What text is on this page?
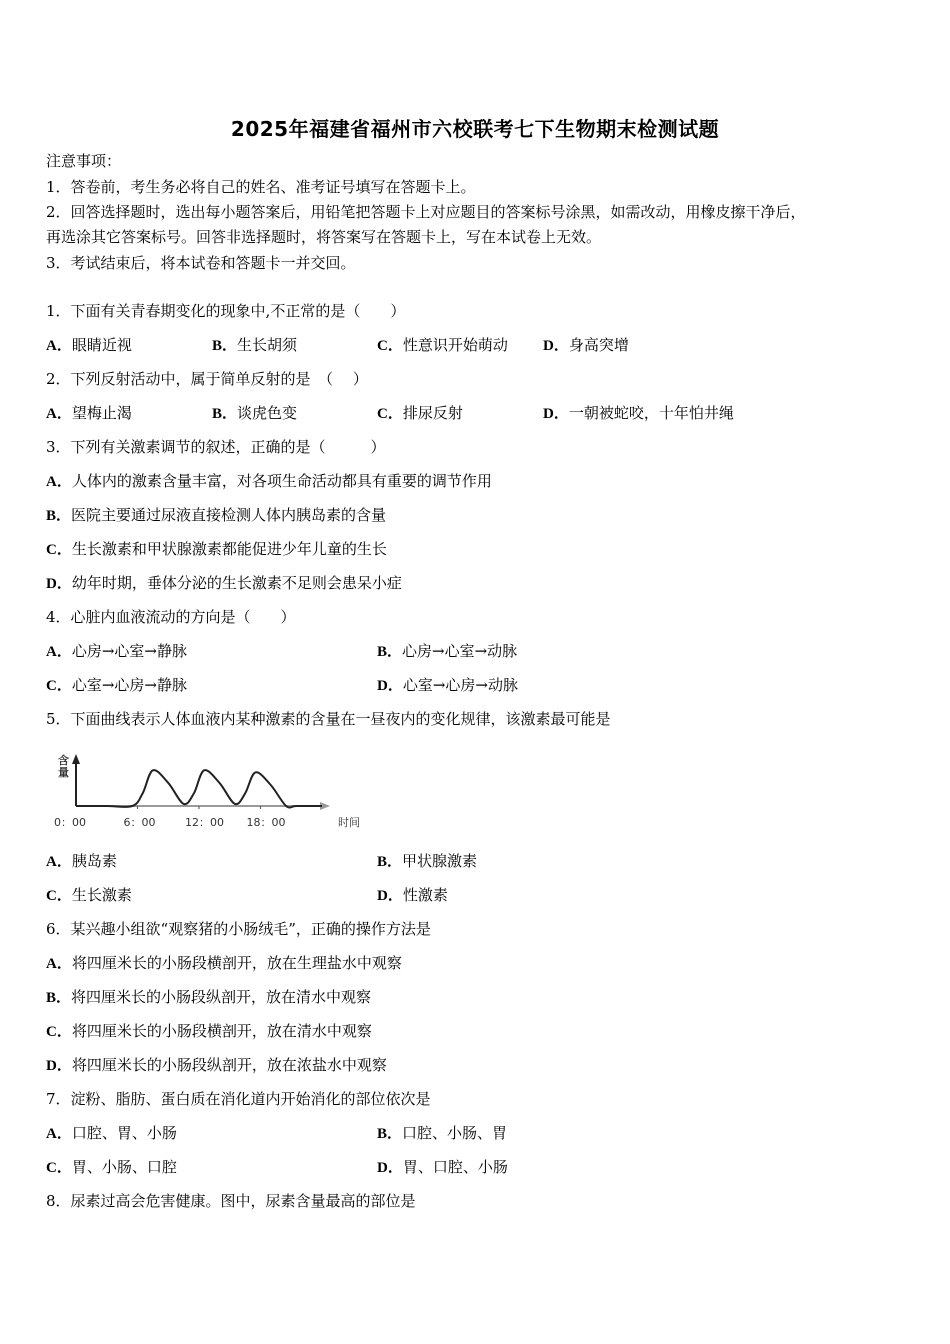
2025年福建省福州市六校联考七下生物期末检测试题
注意事项：
1．答卷前，考生务必将自己的姓名、准考证号填写在答题卡上。
2．回答选择题时，选出每小题答案后，用铅笔把答题卡上对应题目的答案标号涂黑，如需改动，用橡皮擦干净后，
再选涂其它答案标号。回答非选择题时，将答案写在答题卡上，写在本试卷上无效。
3．考试结束后，将本试卷和答题卡一并交回。
1．下面有关青春期变化的现象中,不正常的是（　　）
A．眼睛近视	B．生长胡须	C．性意识开始萌动 D．身高突增
2．下列反射活动中，属于简单反射的是　（　 ）
A．望梅止渴	B．谈虎色变	C．排尿反射	D．一朝被蛇咬，十年怕井绳
3．下列有关激素调节的叙述，正确的是（　　　）
A．人体内的激素含量丰富，对各项生命活动都具有重要的调节作用
B．医院主要通过尿液直接检测人体内胰岛素的含量
C．生长激素和甲状腺激素都能促进少年儿童的生长
D．幼年时期，垂体分泌的生长激素不足则会患呆小症
4．心脏内血液流动的方向是（　　）
A．心房→心室→静脉	B．心房→心室→动脉
C．心室→心房→静脉	D．心室→心房→动脉
5．下面曲线表示人体血液内某种激素的含量在一昼夜内的变化规律，该激素最可能是
含量
0：00	6：00	12：00 18：00	时间
A．胰岛素	B．甲状腺激素
C．生长激素	D．性激素
6．某兴趣小组欲“观察猪的小肠绒毛”，正确的操作方法是
A．将四厘米长的小肠段横剖开，放在生理盐水中观察
B．将四厘米长的小肠段纵剖开，放在清水中观察
C．将四厘米长的小肠段横剖开，放在清水中观察
D．将四厘米长的小肠段纵剖开，放在浓盐水中观察
7．淀粉、脂肪、蛋白质在消化道内开始消化的部位依次是
A．口腔、胃、小肠	B．口腔、小肠、胃
C．胃、小肠、口腔	D．胃、口腔、小肠
8．尿素过高会危害健康。图中，尿素含量最高的部位是
